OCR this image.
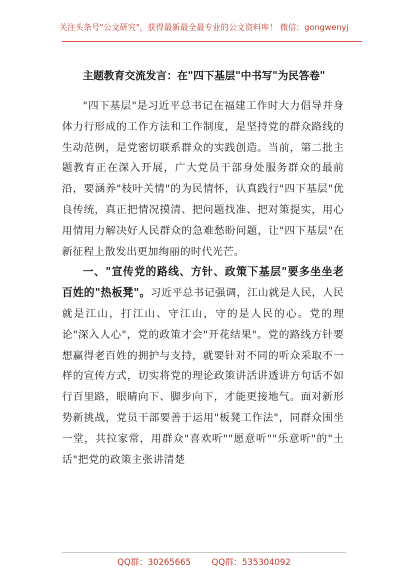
关注头条号"公文研究"，获得最新最全最专业的公文资料库！ 微信：gongwenyj
主题教育交流发言：在"四下基层"中书写"为民答卷"

"四下基层"是习近平总书记在福建工作时大力倡导并身体力行形成的工作方法和工作制度，是坚持党的群众路线的生动范例，是党密切联系群众的实践创造。当前，第二批主题教育正在深入开展，广大党员干部身处服务群众的最前沿，要涵养"枝叶关情"的为民情怀，认真践行"四下基层"优良传统，真正把情况摸清、把问题找准、把对策提实，用心用情用力解决好人民群众的急难愁盼问题，让"四下基层"在新征程上散发出更加绚丽的时代光芒。

一、"宣传党的路线、方针、政策下基层"要多坐坐老百姓的"热板凳"。习近平总书记强调，江山就是人民，人民就是江山，打江山、守江山，守的是人民的心。党的理论"深入人心"，党的政策才会"开花结果"。党的路线方针要想赢得老百姓的拥护与支持，就要针对不同的听众采取不一样的宣传方式，切实将党的理论政策讲活讲透讲方句话不如行百里路，眼睛向下、脚步向下，才能更接地气。面对新形势新挑战，党员干部要善于运用"板凳工作法"，同群众围坐一堂，共拉家常，用群众"喜欢听""愿意听""乐意听"的"土话"把党的政策主张讲清楚

QQ群：30265665 QQ群：535304092
